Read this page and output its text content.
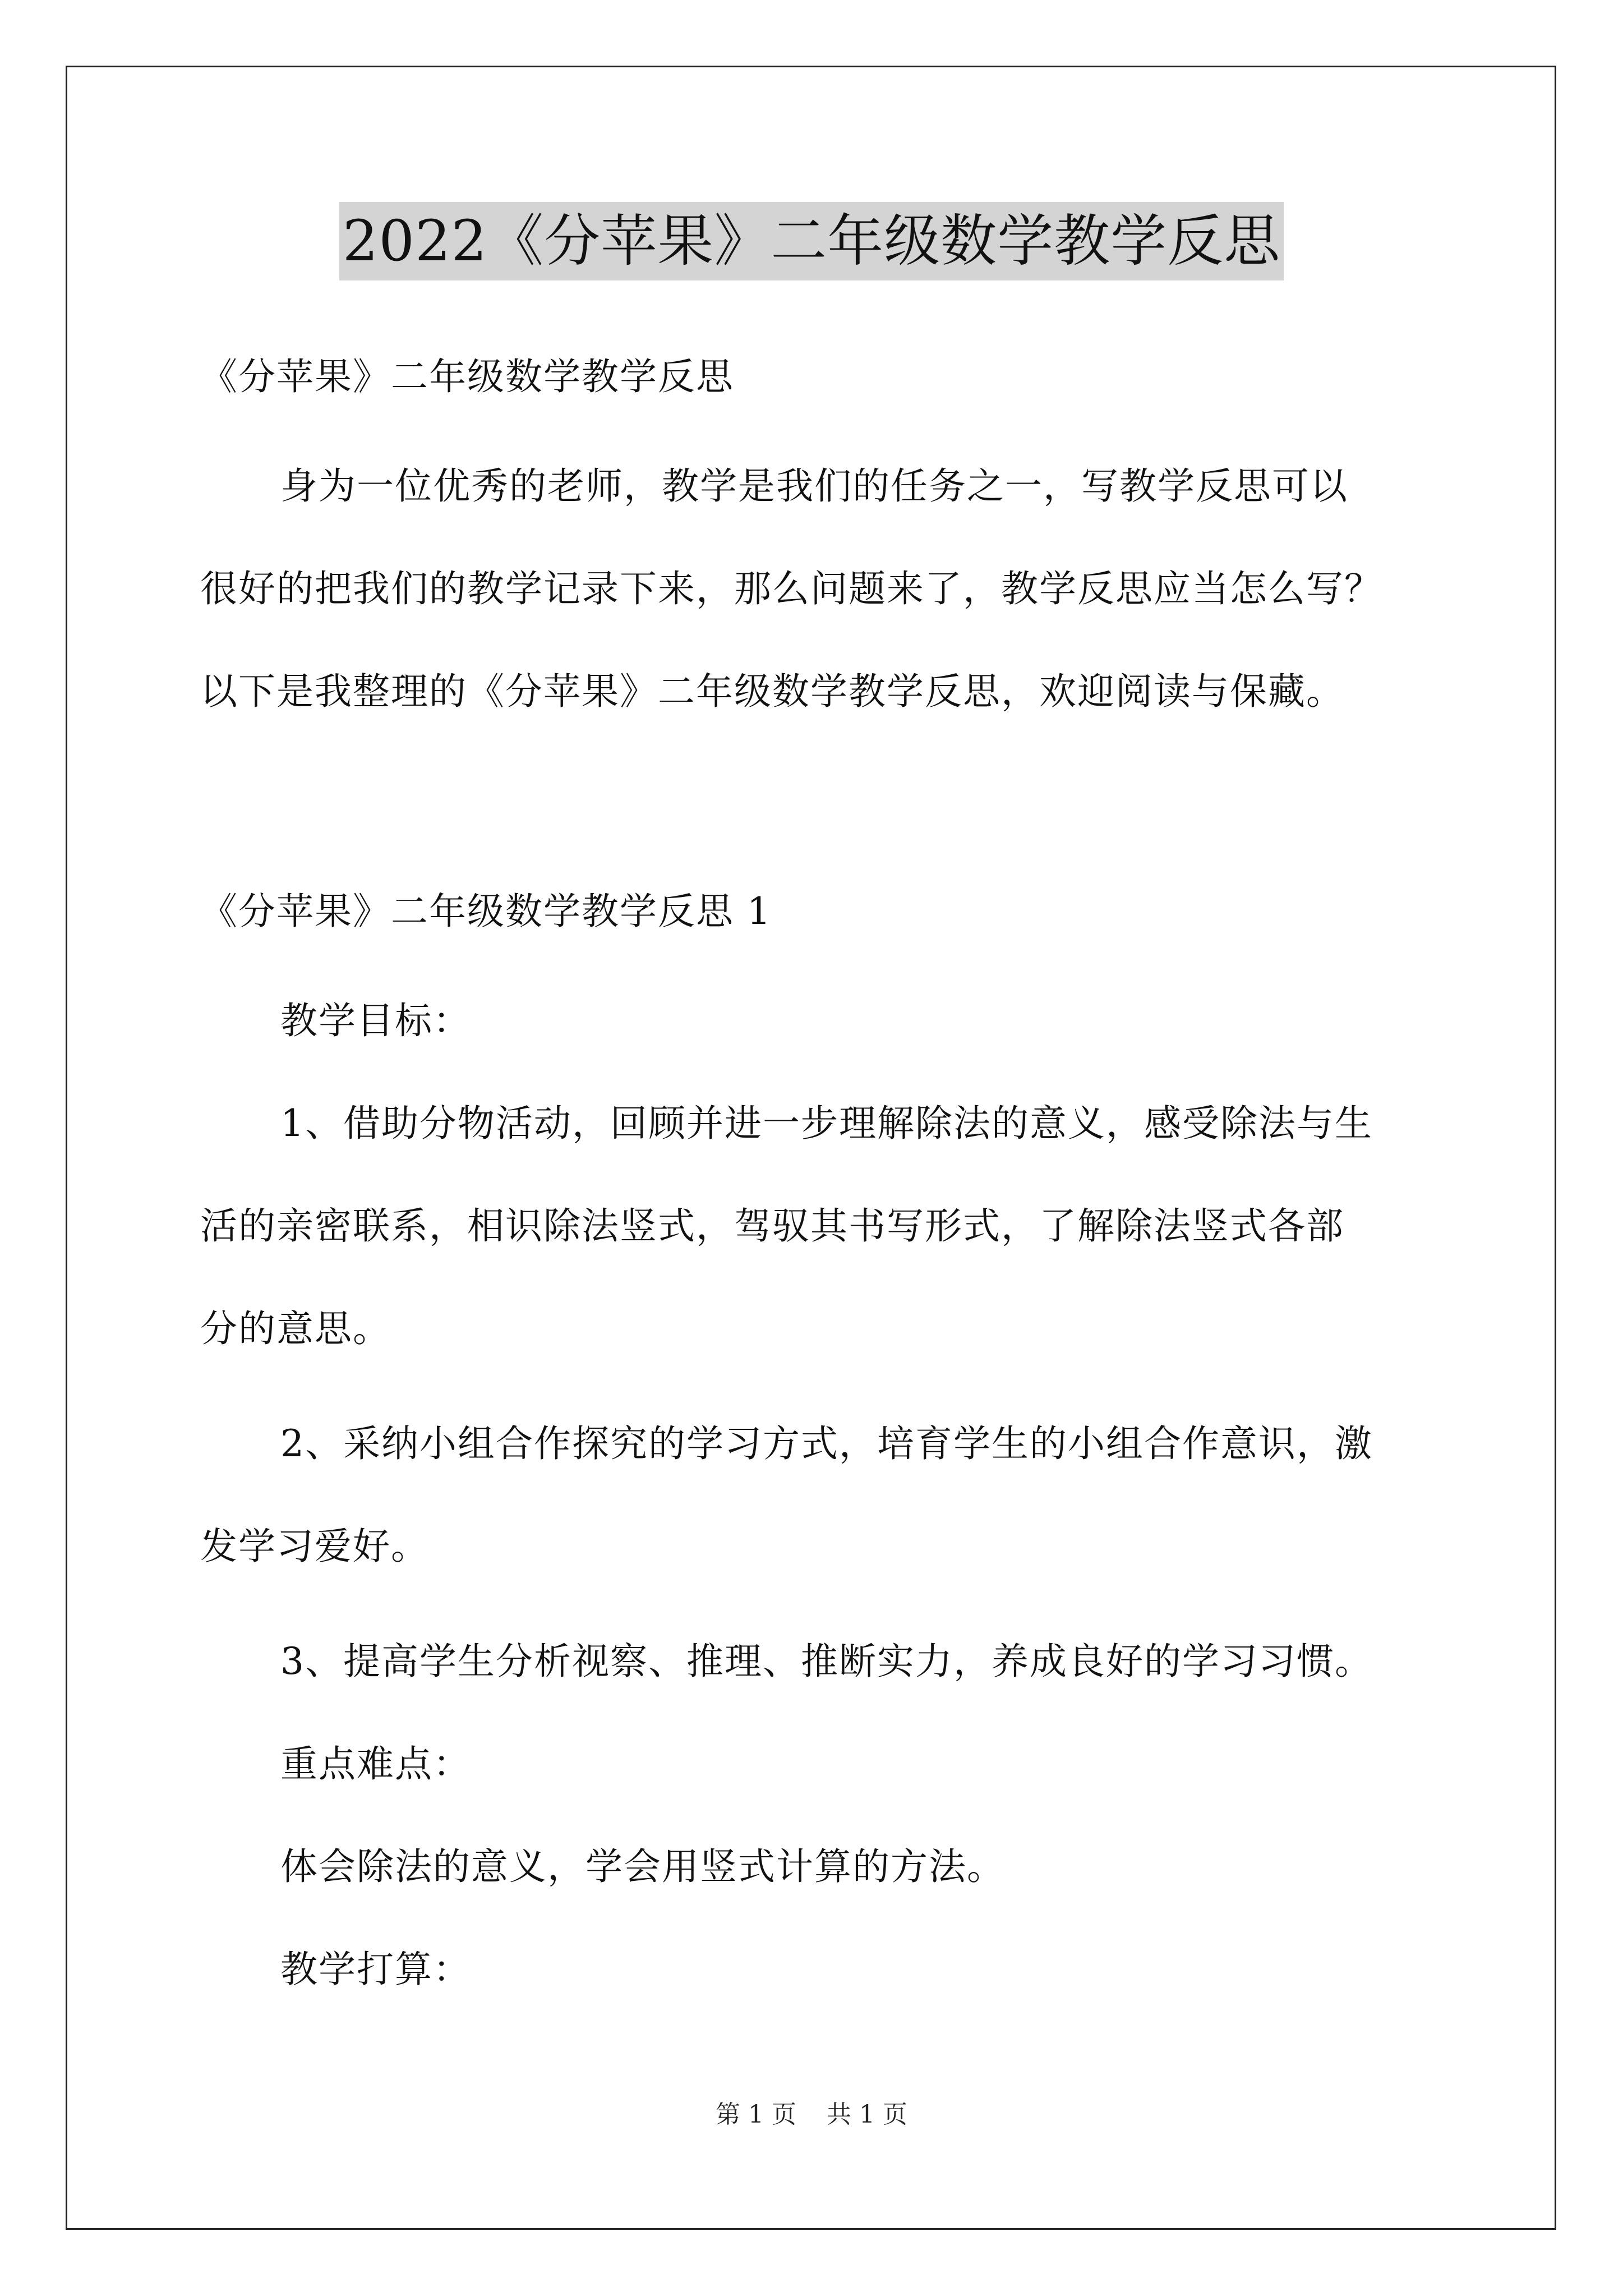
2022《分苹果》二年级数学教学反思
《分苹果》二年级数学教学反思
身为一位优秀的老师，教学是我们的任务之一，写教学反思可以
很好的把我们的教学记录下来，那么问题来了，教学反思应当怎么写？
以下是我整理的《分苹果》二年级数学教学反思，欢迎阅读与保藏。
《分苹果》二年级数学教学反思 1
教学目标：
1、借助分物活动，回顾并进一步理解除法的意义，感受除法与生
活的亲密联系，相识除法竖式，驾驭其书写形式，了解除法竖式各部
分的意思。
2、采纳小组合作探究的学习方式，培育学生的小组合作意识，激
发学习爱好。
3、提高学生分析视察、推理、推断实力，养成良好的学习习惯。
重点难点：
体会除法的意义，学会用竖式计算的方法。
教学打算：
第 1 页 共 1 页
